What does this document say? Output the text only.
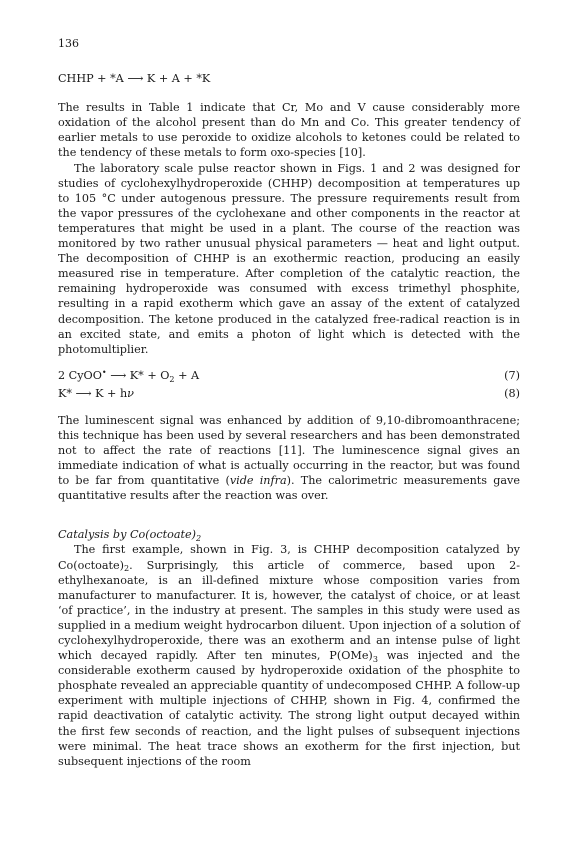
136
CHHP + *A ⟶ K + A + *K

The results in Table 1 indicate that Cr, Mo and V cause considerably more oxidation of the alcohol present than do Mn and Co. This greater tendency of earlier metals to use peroxide to oxidize alcohols to ketones could be related to the tendency of these metals to form oxo-species [10].

The laboratory scale pulse reactor shown in Figs. 1 and 2 was designed for studies of cyclohexylhydroperoxide (CHHP) decomposition at temperatures up to 105 °C under autogenous pressure. The pressure requirements result from the vapor pressures of the cyclohexane and other components in the reactor at temperatures that might be used in a plant. The course of the reaction was monitored by two rather unusual physical parameters — heat and light output. The decomposition of CHHP is an exothermic reaction, producing an easily measured rise in temperature. After completion of the catalytic reaction, the remaining hydroperoxide was consumed with excess trimethyl phosphite, resulting in a rapid exotherm which gave an assay of the extent of catalyzed decomposition. The ketone produced in the catalyzed free-radical reaction is in an excited state, and emits a photon of light which is detected with the photomultiplier.

2 CyOO• ⟶ $K* + O_2 + A$	(7)
K* ⟶ K + hν	(8)

The luminescent signal was enhanced by addition of 9,10-dibromoanthracene; this technique has been used by several researchers and has been demonstrated not to affect the rate of reactions [11]. The luminescence signal gives an immediate indication of what is actually occurring in the reactor, but was found to be far from quantitative (vide infra). The calorimetric measurements gave quantitative results after the reaction was over.

Catalysis by $Co(octoate)_2$

The first example, shown in Fig. 3, is CHHP decomposition catalyzed by $Co(octoate)_2$. Surprisingly, this article of commerce, based upon 2-ethylhexanoate, is an ill-defined mixture whose composition varies from manufacturer to manufacturer. It is, however, the catalyst of choice, or at least ‘of practice’, in the industry at present. The samples in this study were used as supplied in a medium weight hydrocarbon diluent. Upon injection of a solution of cyclohexylhydroperoxide, there was an exotherm and an intense pulse of light which decayed rapidly. After ten minutes, $P(OMe)_3$ was injected and the considerable exotherm caused by hydroperoxide oxidation of the phosphite to phosphate revealed an appreciable quantity of undecomposed CHHP. A follow-up experiment with multiple injections of CHHP, shown in Fig. 4, confirmed the rapid deactivation of catalytic activity. The strong light output decayed within the first few seconds of reaction, and the light pulses of subsequent injections were minimal. The heat trace shows an exotherm for the first injection, but subsequent injections of the room
